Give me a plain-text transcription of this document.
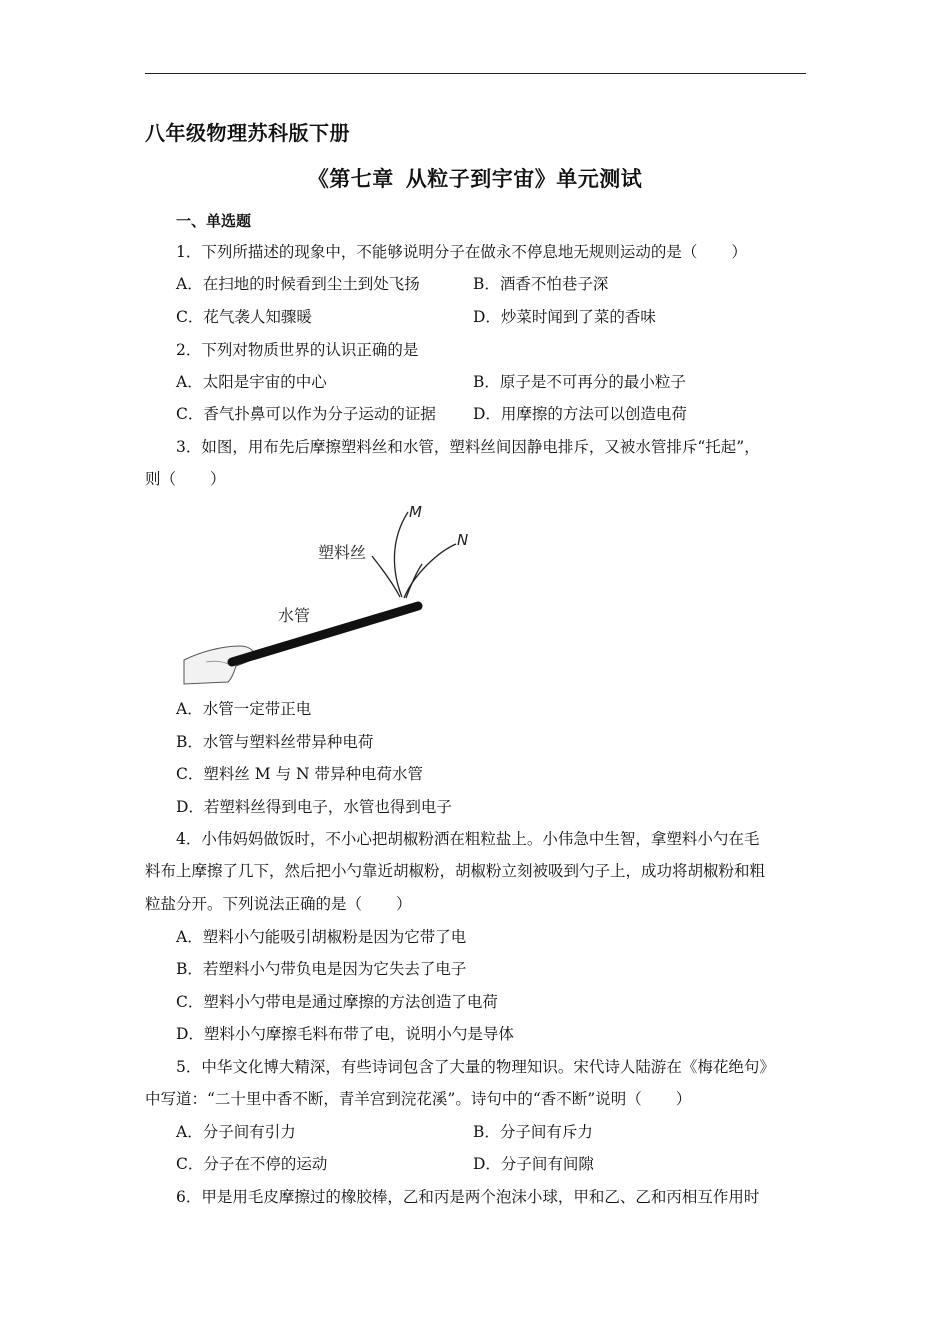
八年级物理苏科版下册
《第七章 从粒子到宇宙》单元测试
一、单选题
1．下列所描述的现象中，不能够说明分子在做永不停息地无规则运动的是（ ）
A．在扫地的时候看到尘土到处飞扬	B．酒香不怕巷子深
C．花气袭人知骤暖	D．炒菜时闻到了菜的香味
2．下列对物质世界的认识正确的是
A．太阳是宇宙的中心	B．原子是不可再分的最小粒子
C．香气扑鼻可以作为分子运动的证据 D．用摩擦的方法可以创造电荷
3．如图，用布先后摩擦塑料丝和水管，塑料丝间因静电排斥，又被水管排斥“托起”，
则（ ）
塑料丝
水管
M
N
A．水管一定带正电
B．水管与塑料丝带异种电荷
C．塑料丝 M 与 N 带异种电荷水管
D．若塑料丝得到电子，水管也得到电子
4．小伟妈妈做饭时，不小心把胡椒粉洒在粗粒盐上。小伟急中生智，拿塑料小勺在毛
料布上摩擦了几下，然后把小勺靠近胡椒粉，胡椒粉立刻被吸到勺子上，成功将胡椒粉和粗
粒盐分开。下列说法正确的是（ ）
A．塑料小勺能吸引胡椒粉是因为它带了电
B．若塑料小勺带负电是因为它失去了电子
C．塑料小勺带电是通过摩擦的方法创造了电荷
D．塑料小勺摩擦毛料布带了电，说明小勺是导体
5．中华文化博大精深，有些诗词包含了大量的物理知识。宋代诗人陆游在《梅花绝句》
中写道：“二十里中香不断，青羊宫到浣花溪”。诗句中的“香不断”说明（ ）
A．分子间有引力	B．分子间有斥力
C．分子在不停的运动	D．分子间有间隙
6．甲是用毛皮摩擦过的橡胶棒，乙和丙是两个泡沫小球，甲和乙、乙和丙相互作用时
